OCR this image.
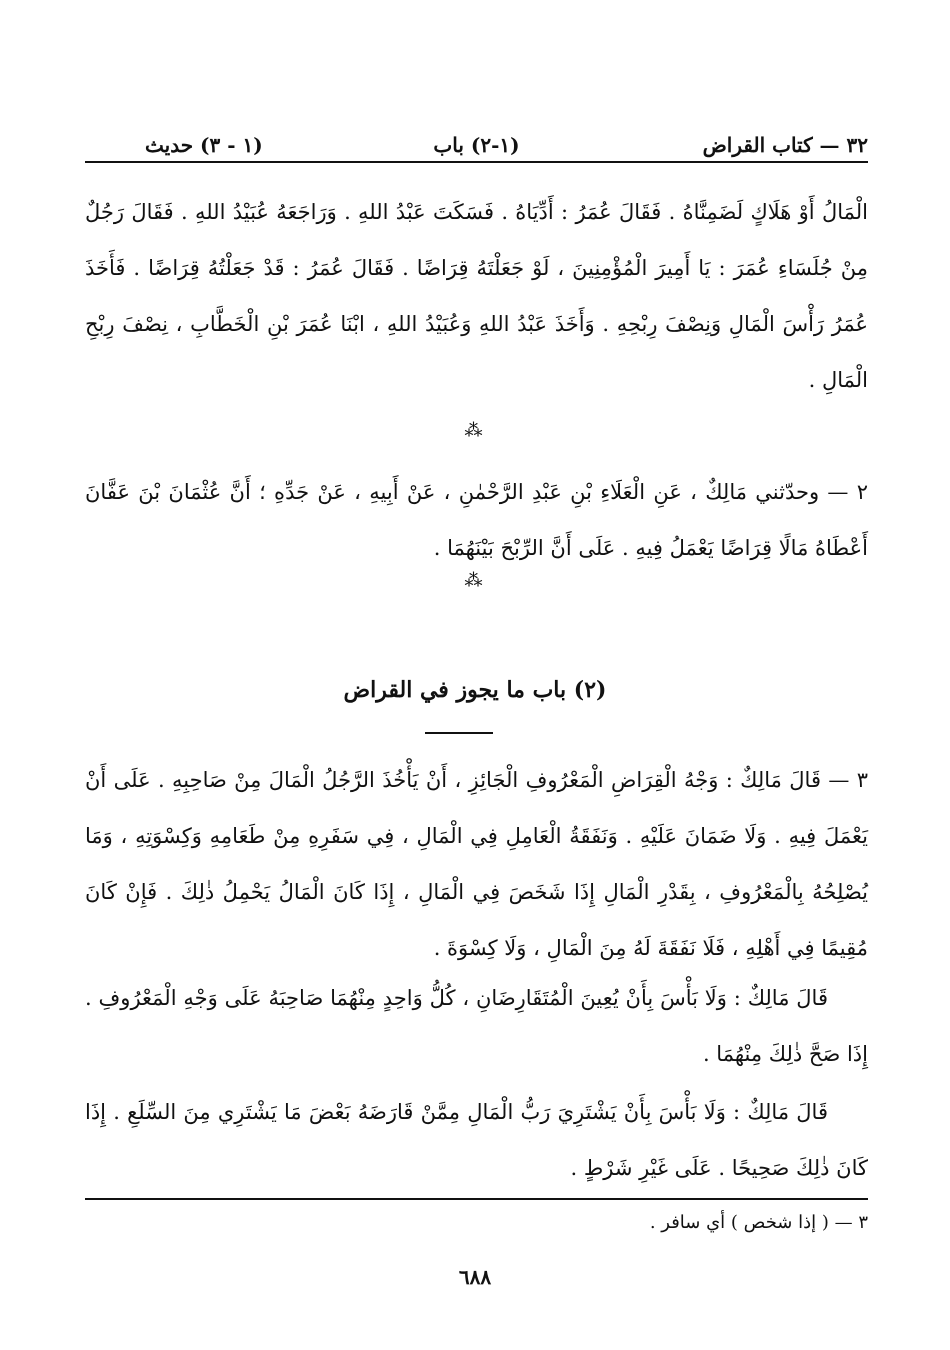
٣٢ — كتاب القراض
(١-٢) باب
(١ - ٣) حديث

الْمَالُ أَوْ هَلَاكٍ لَضَمِنَّاهُ . فَقَالَ عُمَرُ : أَدِّيَاهُ . فَسَكَتَ عَبْدُ اللهِ . وَرَاجَعَهُ عُبَيْدُ اللهِ . فَقَالَ رَجُلٌ مِنْ جُلَسَاءِ عُمَرَ : يَا أَمِيرَ الْمُؤْمِنِينَ ، لَوْ جَعَلْتَهُ قِرَاضًا . فَقَالَ عُمَرُ : قَدْ جَعَلْتُهُ قِرَاضًا . فَأَخَذَ عُمَرُ رَأْسَ الْمَالِ وَنِصْفَ رِبْحِهِ . وَأَخَذَ عَبْدُ اللهِ وَعُبَيْدُ اللهِ ، ابْنَا عُمَرَ بْنِ الْخَطَّابِ ، نِصْفَ رِبْحِ الْمَالِ .

⁂

٢ — وحدّثني مَالِكٌ ، عَنِ الْعَلَاءِ بْنِ عَبْدِ الرَّحْمٰنِ ، عَنْ أَبِيهِ ، عَنْ جَدِّهِ ؛ أَنَّ عُثْمَانَ بْنَ عَفَّانَ أَعْطَاهُ مَالًا قِرَاضًا يَعْمَلُ فِيهِ . عَلَى أَنَّ الرِّبْحَ بَيْنَهُمَا .

⁂
(٢) باب ما يجوز في القراض

٣ — قَالَ مَالِكٌ : وَجْهُ الْقِرَاضِ الْمَعْرُوفِ الْجَائِزِ ، أَنْ يَأْخُذَ الرَّجُلُ الْمَالَ مِنْ صَاحِبِهِ . عَلَى أَنْ يَعْمَلَ فِيهِ . وَلَا ضَمَانَ عَلَيْهِ . وَنَفَقَةُ الْعَامِلِ فِي الْمَالِ ، فِي سَفَرِهِ مِنْ طَعَامِهِ وَكِسْوَتِهِ ، وَمَا يُصْلِحُهُ بِالْمَعْرُوفِ ، بِقَدْرِ الْمَالِ إِذَا شَخَصَ فِي الْمَالِ ، إِذَا كَانَ الْمَالُ يَحْمِلُ ذٰلِكَ . فَإِنْ كَانَ مُقِيمًا فِي أَهْلِهِ ، فَلَا نَفَقَةَ لَهُ مِنَ الْمَالِ ، وَلَا كِسْوَةَ .

قَالَ مَالِكٌ : وَلَا بَأْسَ بِأَنْ يُعِينَ الْمُتَقَارِضَانِ ، كُلُّ وَاحِدٍ مِنْهُمَا صَاحِبَهُ عَلَى وَجْهِ الْمَعْرُوفِ . إِذَا صَحَّ ذٰلِكَ مِنْهُمَا .

قَالَ مَالِكٌ : وَلَا بَأْسَ بِأَنْ يَشْتَرِيَ رَبُّ الْمَالِ مِمَّنْ قَارَضَهُ بَعْضَ مَا يَشْتَرِي مِنَ السِّلَعِ . إِذَا كَانَ ذٰلِكَ صَحِيحًا . عَلَى غَيْرِ شَرْطٍ .

٣ — ( إذا شخص ) أي سافر .
٦٨٨
